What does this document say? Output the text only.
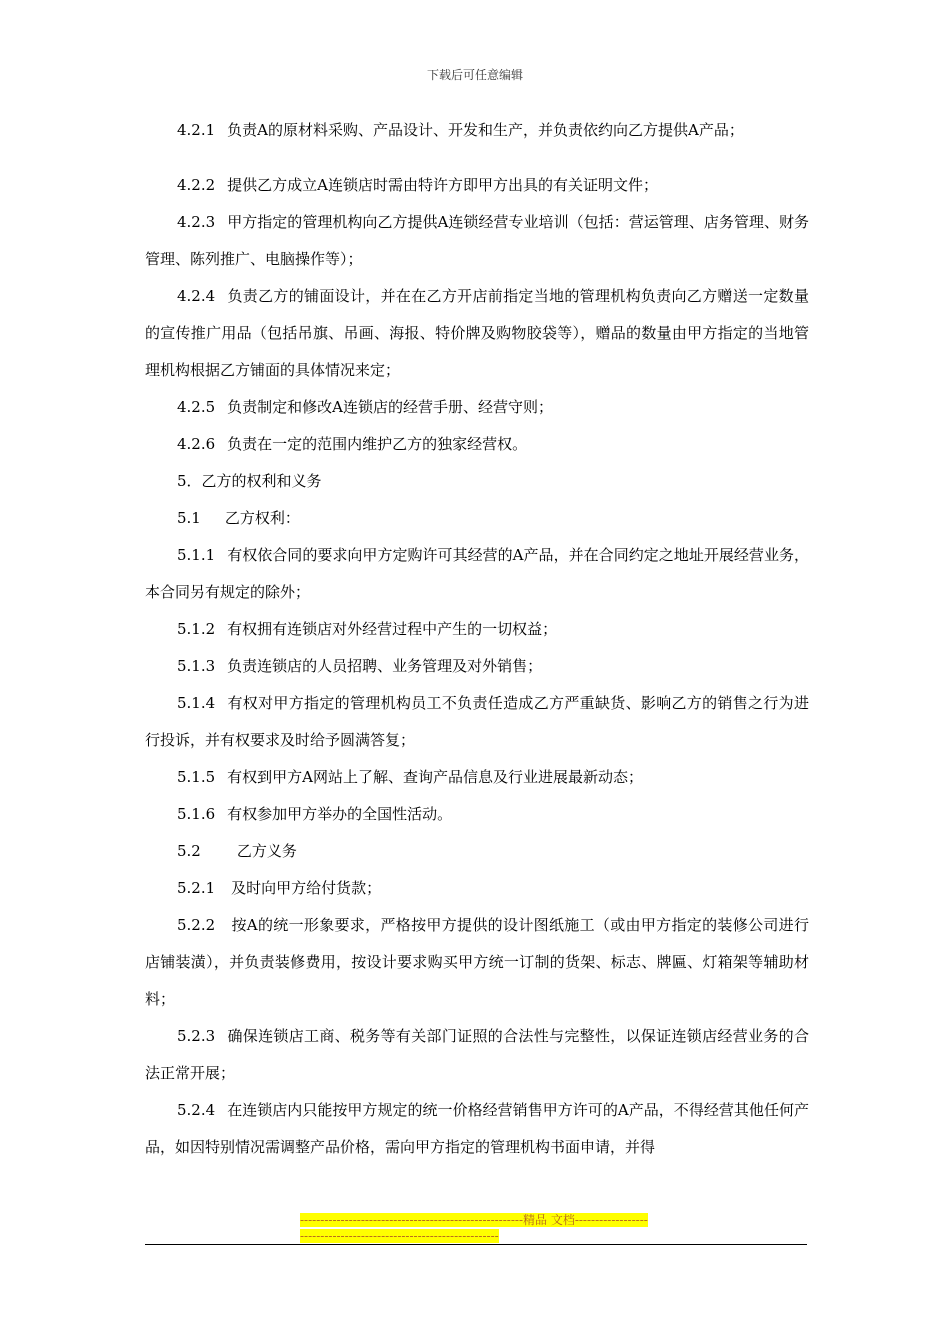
下载后可任意编辑

4.2.1 负责A的原材料采购、产品设计、开发和生产，并负责依约向乙方提供A产品；

4.2.2 提供乙方成立A连锁店时需由特许方即甲方出具的有关证明文件；

4.2.3 甲方指定的管理机构向乙方提供A连锁经营专业培训（包括：营运管理、店务管理、财务管理、陈列推广、电脑操作等）；

4.2.4 负责乙方的铺面设计，并在在乙方开店前指定当地的管理机构负责向乙方赠送一定数量的宣传推广用品（包括吊旗、吊画、海报、特价牌及购物胶袋等），赠品的数量由甲方指定的当地管理机构根据乙方铺面的具体情况来定；

4.2.5 负责制定和修改A连锁店的经营手册、经营守则；

4.2.6 负责在一定的范围内维护乙方的独家经营权。

5．乙方的权利和义务

5.1 乙方权利：

5.1.1 有权依合同的要求向甲方定购许可其经营的A产品，并在合同约定之地址开展经营业务，本合同另有规定的除外；

5.1.2 有权拥有连锁店对外经营过程中产生的一切权益；

5.1.3 负责连锁店的人员招聘、业务管理及对外销售；

5.1.4 有权对甲方指定的管理机构员工不负责任造成乙方严重缺货、影响乙方的销售之行为进行投诉，并有权要求及时给予圆满答复；

5.1.5 有权到甲方A网站上了解、查询产品信息及行业进展最新动态；

5.1.6 有权参加甲方举办的全国性活动。

5.2 乙方义务

5.2.1 及时向甲方给付货款；

5.2.2 按A的统一形象要求，严格按甲方提供的设计图纸施工（或由甲方指定的装修公司进行店铺装潢），并负责装修费用，按设计要求购买甲方统一订制的货架、标志、牌匾、灯箱架等辅助材料；

5.2.3 确保连锁店工商、税务等有关部门证照的合法性与完整性，以保证连锁店经营业务的合法正常开展；

5.2.4 在连锁店内只能按甲方规定的统一价格经营销售甲方许可的A产品，不得经营其他任何产品，如因特别情况需调整产品价格，需向甲方指定的管理机构书面申请，并得

-------------------------------------------------------精品 文档-------------------------------------------------------------------
